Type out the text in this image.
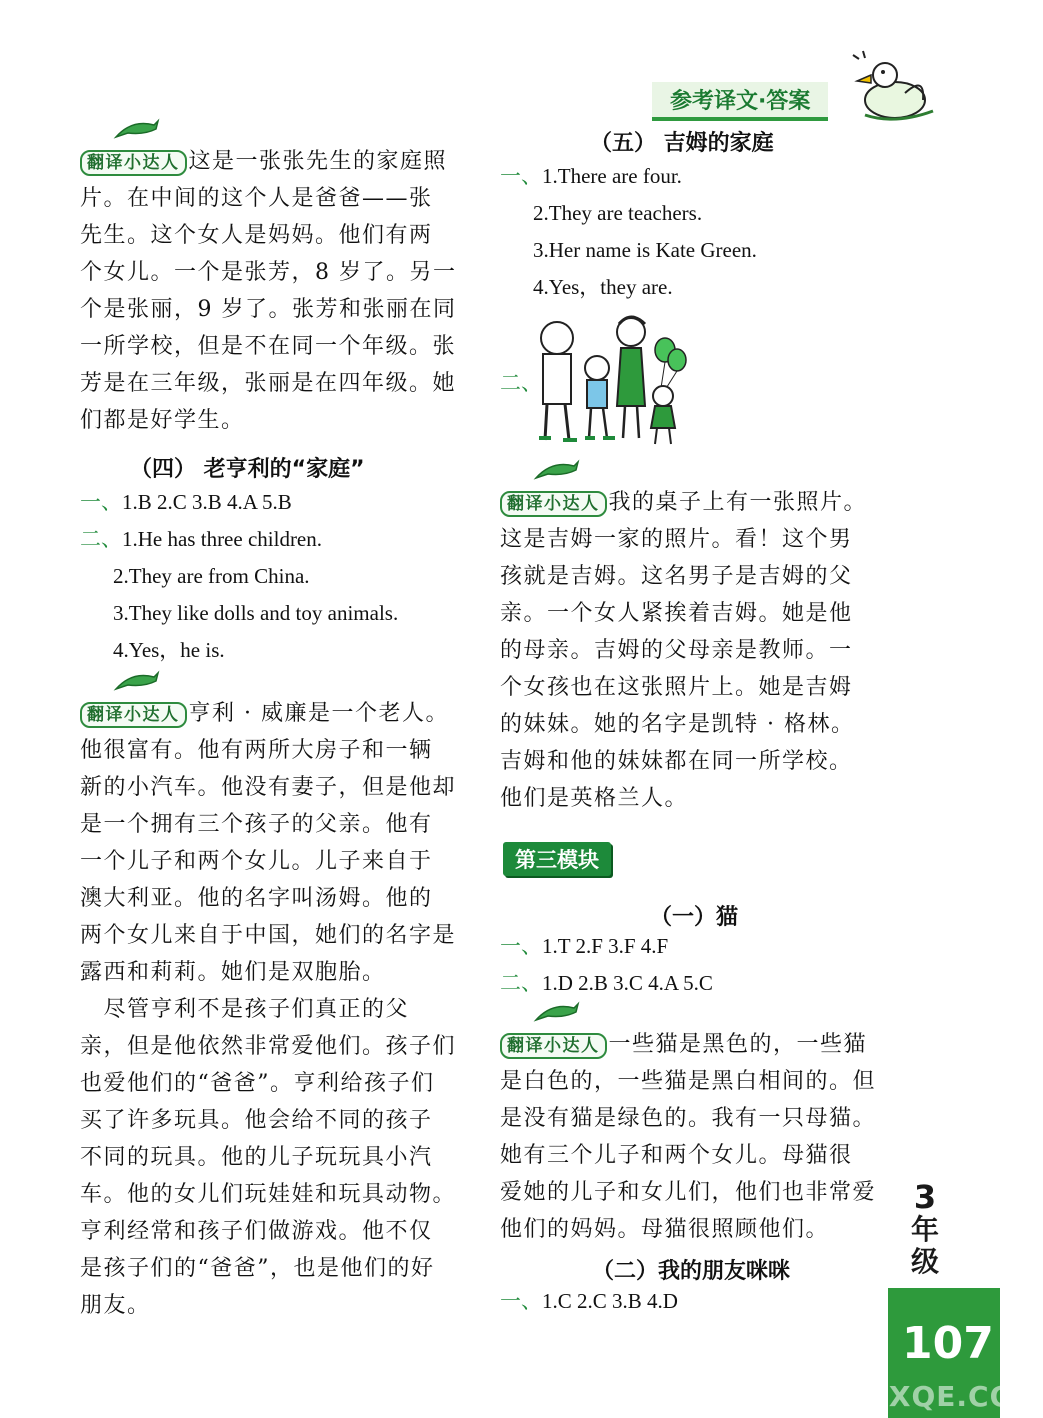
参考译文·答案
翻译小达人 这是一张张先生的家庭照
片。在中间的这个人是爸爸——张
先生。这个女人是妈妈。他们有两
个女儿。一个是张芳，8 岁了。另一
个是张丽，9 岁了。张芳和张丽在同
一所学校，但是不在同一个年级。张
芳是在三年级，张丽是在四年级。她
们都是好学生。
（四） 老亨利的“家庭”
一、1.B 2.C 3.B 4.A 5.B
二、1.He has three children.
2.They are from China.
3.They like dolls and toy animals.
4.Yes，he is.
翻译小达人 亨利 · 威廉是一个老人。
他很富有。他有两所大房子和一辆
新的小汽车。他没有妻子，但是他却
是一个拥有三个孩子的父亲。他有
一个儿子和两个女儿。儿子来自于
澳大利亚。他的名字叫汤姆。他的
两个女儿来自于中国，她们的名字是
露西和莉莉。她们是双胞胎。
　尽管亨利不是孩子们真正的父
亲，但是他依然非常爱他们。孩子们
也爱他们的“爸爸”。亨利给孩子们
买了许多玩具。他会给不同的孩子
不同的玩具。他的儿子玩玩具小汽
车。他的女儿们玩娃娃和玩具动物。
亨利经常和孩子们做游戏。他不仅
是孩子们的“爸爸”，也是他们的好
朋友。
（五） 吉姆的家庭
一、1.There are four.
2.They are teachers.
3.Her name is Kate Green.
4.Yes，they are.
二、
翻译小达人 我的桌子上有一张照片。
这是吉姆一家的照片。看！这个男
孩就是吉姆。这名男子是吉姆的父
亲。一个女人紧挨着吉姆。她是他
的母亲。吉姆的父母亲是教师。一
个女孩也在这张照片上。她是吉姆
的妹妹。她的名字是凯特 · 格林。
吉姆和他的妹妹都在同一所学校。
他们是英格兰人。
第三模块
（一）猫
一、1.T 2.F 3.F 4.F
二、1.D 2.B 3.C 4.A 5.C
翻译小达人 一些猫是黑色的，一些猫
是白色的，一些猫是黑白相间的。但
是没有猫是绿色的。我有一只母猫。
她有三个儿子和两个女儿。母猫很
爱她的儿子和女儿们，他们也非常爱
他们的妈妈。母猫很照顾他们。
（二）我的朋友咪咪
一、1.C 2.C 3.B 4.D
3
年
级
107
MXQE.COM
